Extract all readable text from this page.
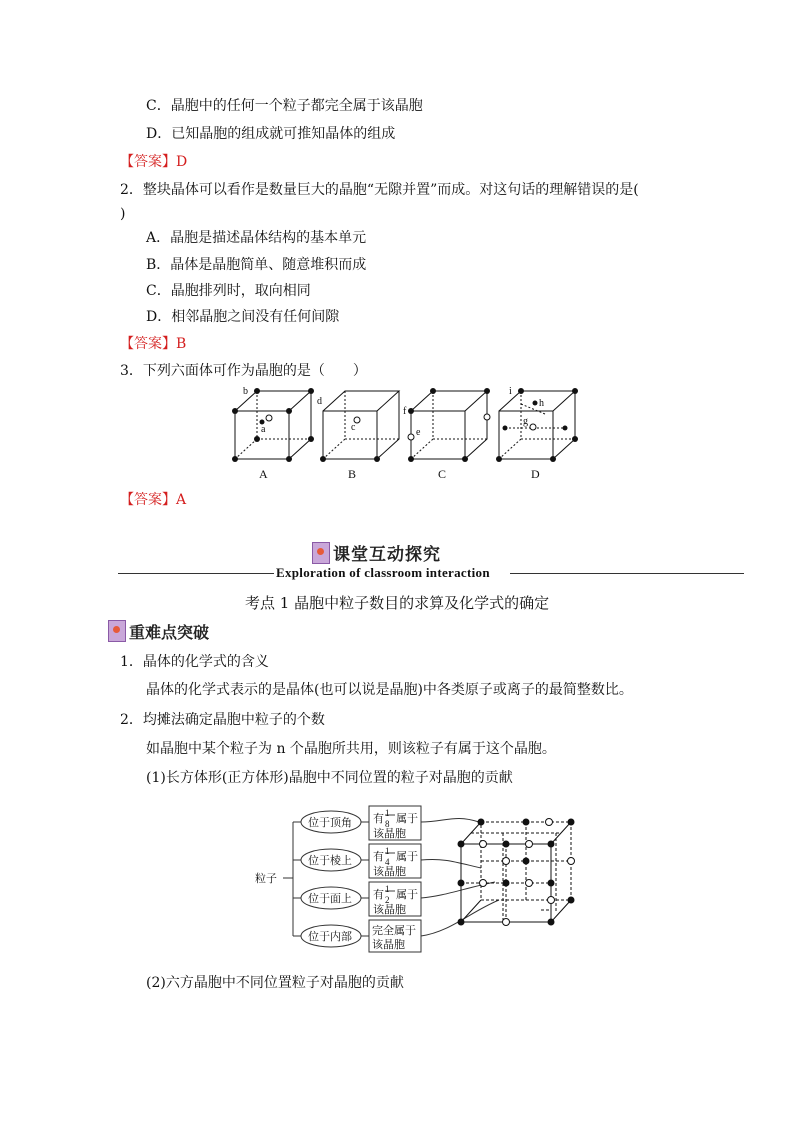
C．晶胞中的任何一个粒子都完全属于该晶胞
D．已知晶胞的组成就可推知晶体的组成
【答案】D
2．整块晶体可以看作是数量巨大的晶胞“无隙并置”而成。对这句话的理解错误的是(
)
A．晶胞是描述晶体结构的基本单元
B．晶体是晶胞简单、随意堆积而成
C．晶胞排列时，取向相同
D．相邻晶胞之间没有任何间隙
【答案】B
3．下列六面体可作为晶胞的是（　　）
b
a
d
c
f
e
i
h
g
A	B	C	D
【答案】A
课堂互动探究
Exploration of classroom interaction
考点 1 晶胞中粒子数目的求算及化学式的确定
重难点突破
1．晶体的化学式的含义
晶体的化学式表示的是晶体(也可以说是晶胞)中各类原子或离子的最简整数比。
2．均摊法确定晶胞中粒子的个数
如晶胞中某个粒子为 n 个晶胞所共用，则该粒子有属于这个晶胞。
(1)长方体形(正方体形)晶胞中不同位置的粒子对晶胞的贡献
粒子
位于顶角
位于棱上
位于面上
位于内部
有 1
8 属于
该晶胞
有 1
4 属于
该晶胞
有 1
2 属于
该晶胞
完全属于
该晶胞
(2)六方晶胞中不同位置粒子对晶胞的贡献
